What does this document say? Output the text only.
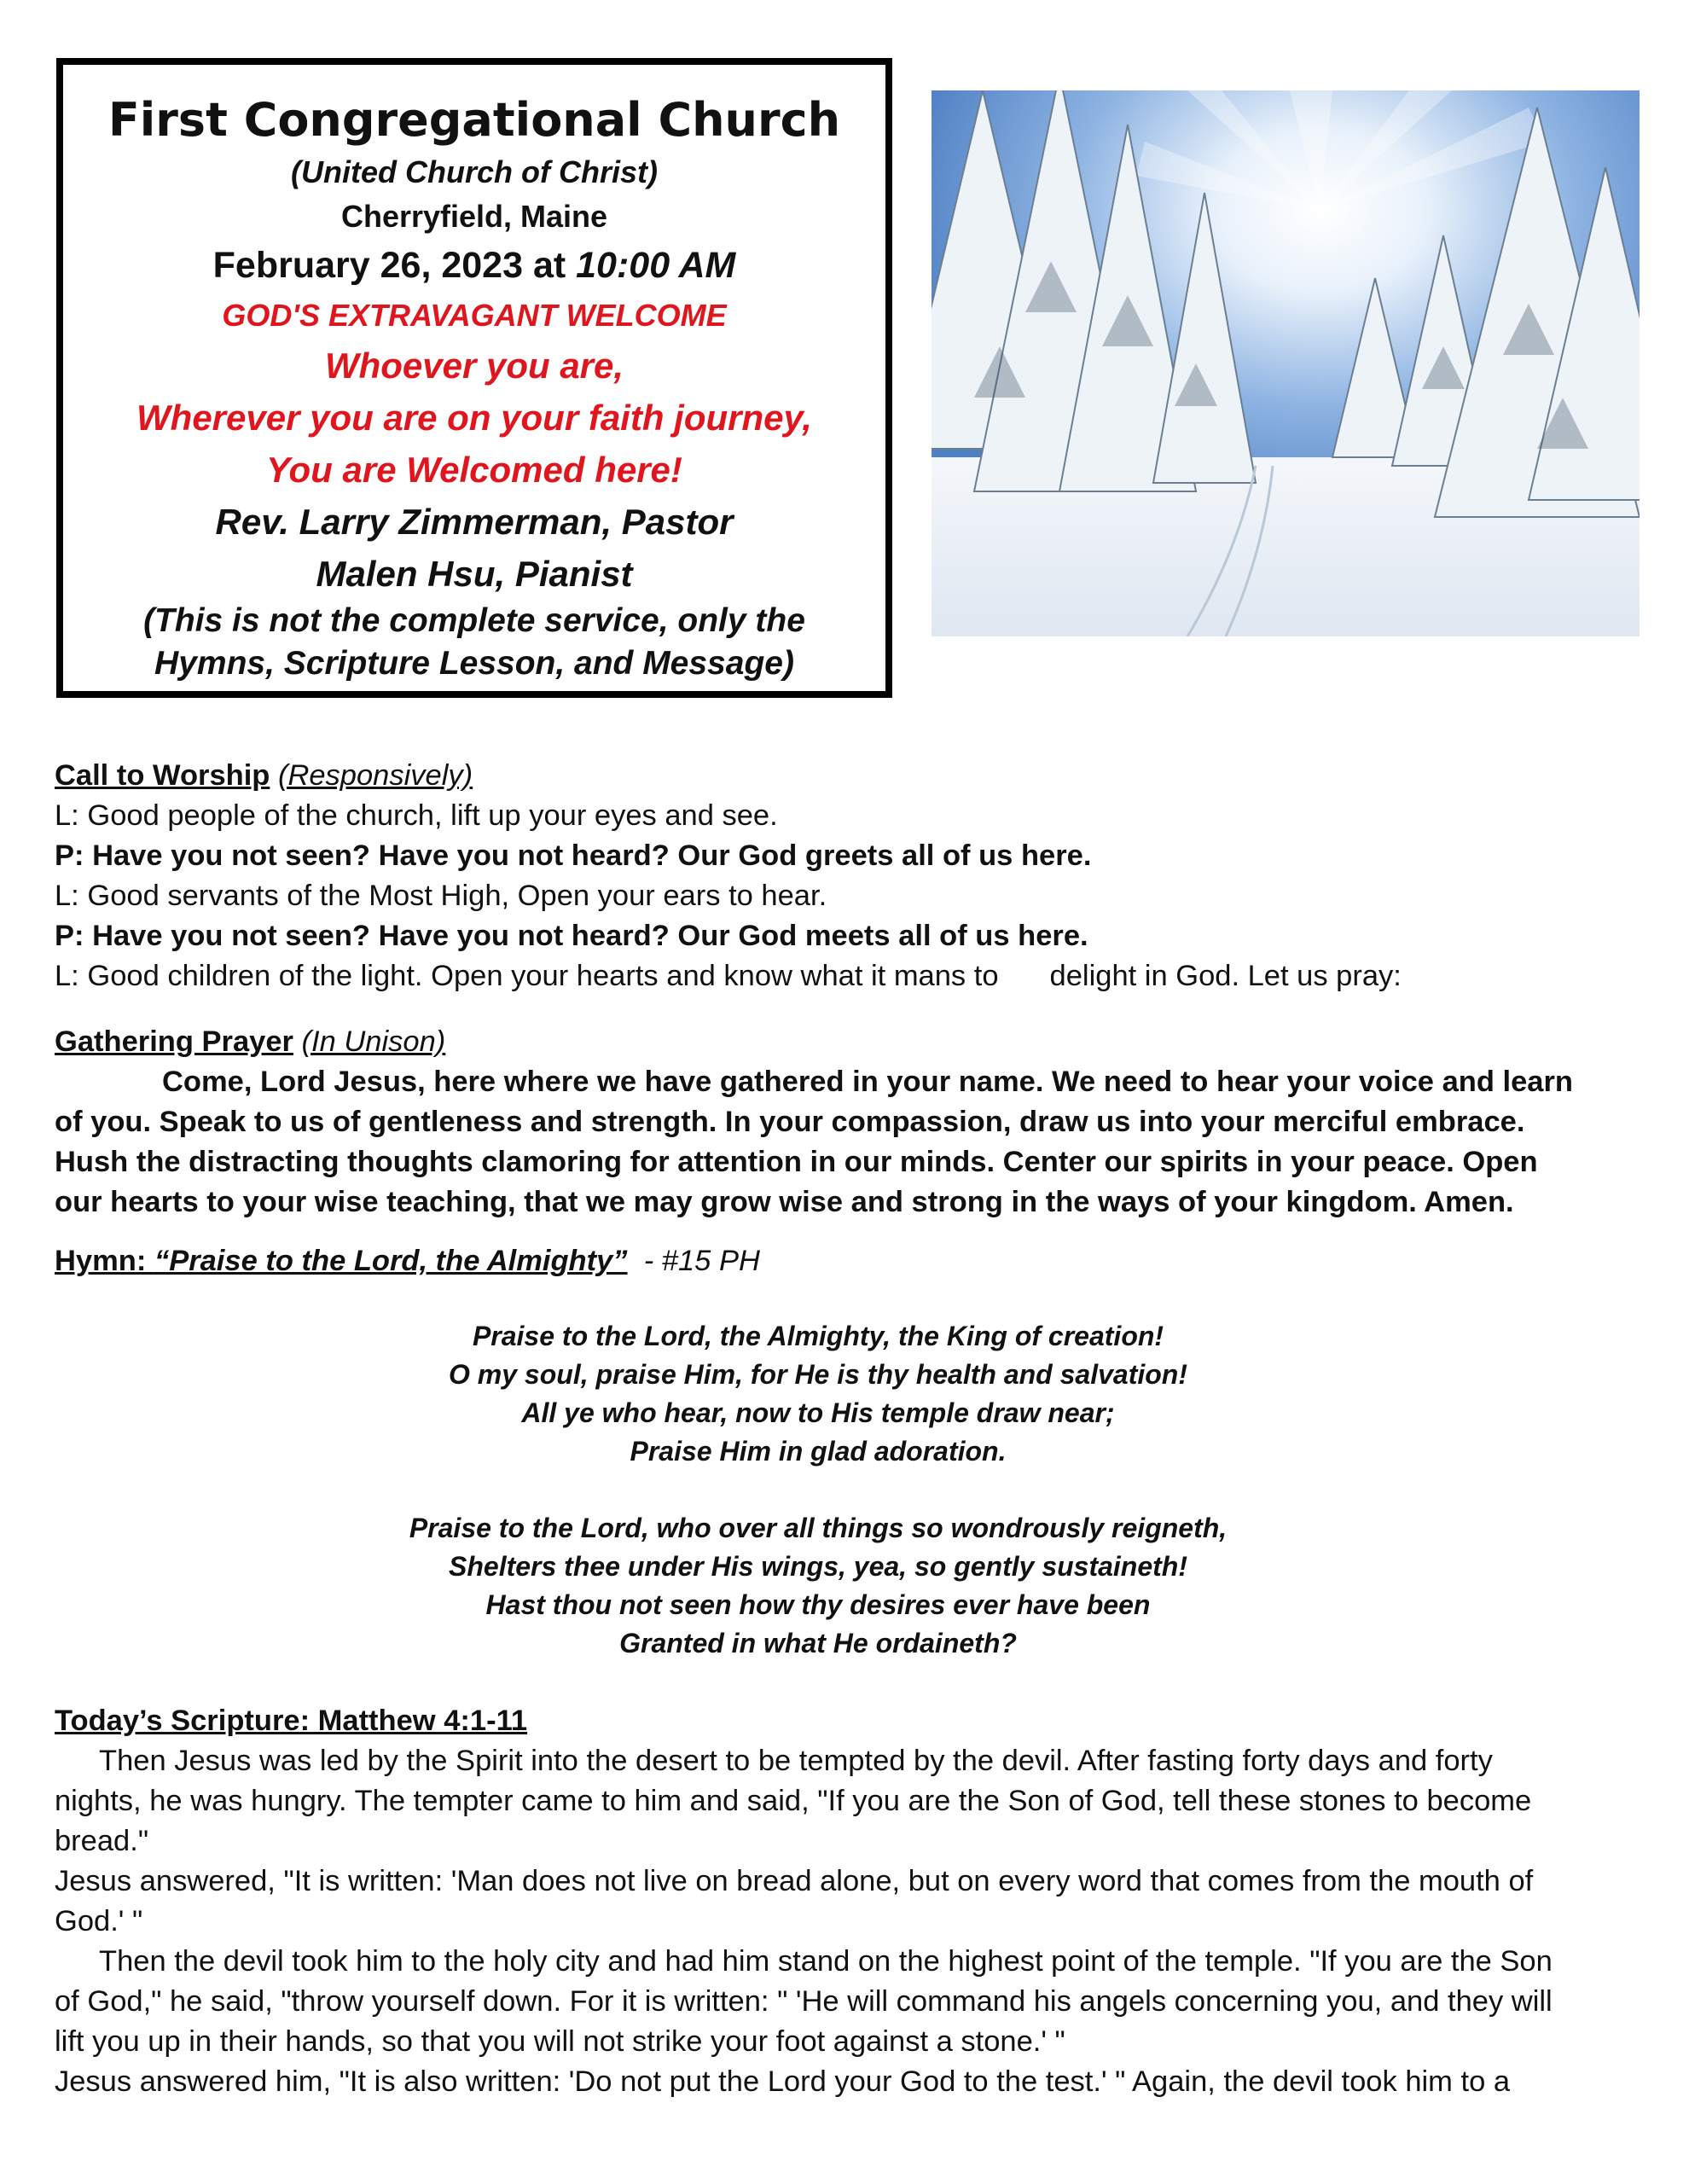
First Congregational Church
(United Church of Christ)
Cherryfield, Maine
February 26, 2023 at 10:00 AM
GOD'S EXTRAVAGANT WELCOME
Whoever you are,
Wherever you are on your faith journey,
You are Welcomed here!
Rev. Larry Zimmerman, Pastor
Malen Hsu, Pianist
(This is not the complete service, only the
Hymns, Scripture Lesson, and Message)

Call to Worship (Responsively)

L: Good people of the church, lift up your eyes and see.

P: Have you not seen? Have you not heard? Our God greets all of us here.

L: Good servants of the Most High, Open your ears to hear.

P: Have you not seen? Have you not heard? Our God meets all of us here.

L: Good children of the light. Open your hearts and know what it mans to delight in God. Let us pray:

Gathering Prayer (In Unison)

Come, Lord Jesus, here where we have gathered in your name. We need to hear your voice and learn of you. Speak to us of gentleness and strength. In your compassion, draw us into your merciful embrace. Hush the distracting thoughts clamoring for attention in our minds. Center our spirits in your peace. Open our hearts to your wise teaching, that we may grow wise and strong in the ways of your kingdom. Amen.

Hymn: “Praise to the Lord, the Almighty” - #15 PH

Praise to the Lord, the Almighty, the King of creation!
O my soul, praise Him, for He is thy health and salvation!
All ye who hear, now to His temple draw near;
Praise Him in glad adoration.
Praise to the Lord, who over all things so wondrously reigneth,
Shelters thee under His wings, yea, so gently sustaineth!
Hast thou not seen how thy desires ever have been
Granted in what He ordaineth?

Today’s Scripture: Matthew 4:1-11

Then Jesus was led by the Spirit into the desert to be tempted by the devil. After fasting forty days and forty nights, he was hungry. The tempter came to him and said, "If you are the Son of God, tell these stones to become bread."

Jesus answered, "It is written: 'Man does not live on bread alone, but on every word that comes from the mouth of God.' "

Then the devil took him to the holy city and had him stand on the highest point of the temple. "If you are the Son of God," he said, "throw yourself down. For it is written: " 'He will command his angels concerning you, and they will lift you up in their hands, so that you will not strike your foot against a stone.' "

Jesus answered him, "It is also written: 'Do not put the Lord your God to the test.' " Again, the devil took him to a
